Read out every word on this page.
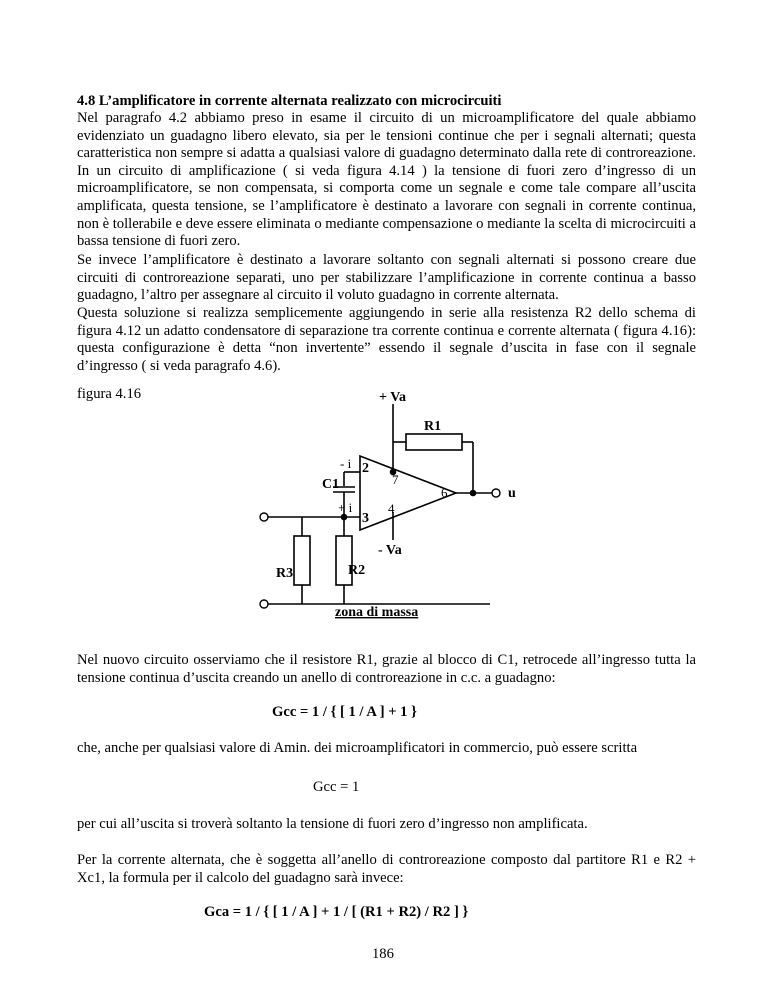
4.8 L’amplificatore in corrente alternata realizzato con microcircuiti
Nel paragrafo 4.2 abbiamo preso in esame il circuito di un microamplificatore del quale abbiamo evidenziato un guadagno libero elevato, sia per le tensioni continue che per i segnali alternati; questa caratteristica non sempre si adatta a qualsiasi valore di guadagno determinato dalla rete di controreazione. In un circuito di amplificazione ( si veda figura 4.14 ) la tensione di fuori zero d’ingresso di un microamplificatore, se non compensata, si comporta come un segnale e come tale compare all’uscita amplificata, questa tensione, se l’amplificatore è destinato a lavorare con segnali in corrente continua, non è tollerabile e deve essere eliminata o mediante compensazione o mediante la scelta di microcircuiti a bassa tensione di fuori zero.
Se invece l’amplificatore è destinato a lavorare soltanto con segnali alternati si possono creare due circuiti di controreazione separati, uno per stabilizzare l’amplificazione in corrente continua a basso guadagno, l’altro per assegnare al circuito il voluto guadagno in corrente alternata.
Questa soluzione si realizza semplicemente aggiungendo in serie alla resistenza R2 dello schema di figura 4.12 un adatto condensatore di separazione tra corrente continua e corrente alternata ( figura 4.16): questa configurazione è detta “non invertente” essendo il segnale d’uscita in fase con il segnale d’ingresso ( si veda paragrafo 4.6).
figura 4.16	+ Va
R1
- i 2
7
C1
6	u
+ i	4
3
- Va
R3	R2
zona di massa
Nel nuovo circuito osserviamo che il resistore R1, grazie al blocco di C1, retrocede all’ingresso tutta la tensione continua d’uscita creando un anello di controreazione in c.c. a guadagno:
Gcc = 1 / { [ 1 / A ] + 1 }
che, anche per qualsiasi valore di Amin. dei microamplificatori in commercio, può essere scritta
Gcc = 1
per cui all’uscita si troverà soltanto la tensione di fuori zero d’ingresso non amplificata.
Per la corrente alternata, che è soggetta all’anello di controreazione composto dal partitore R1 e R2 + Xc1, la formula per il calcolo del guadagno sarà invece:
Gca = 1 / { [ 1 / A ] + 1 / [ (R1 + R2) / R2 ] }
186
